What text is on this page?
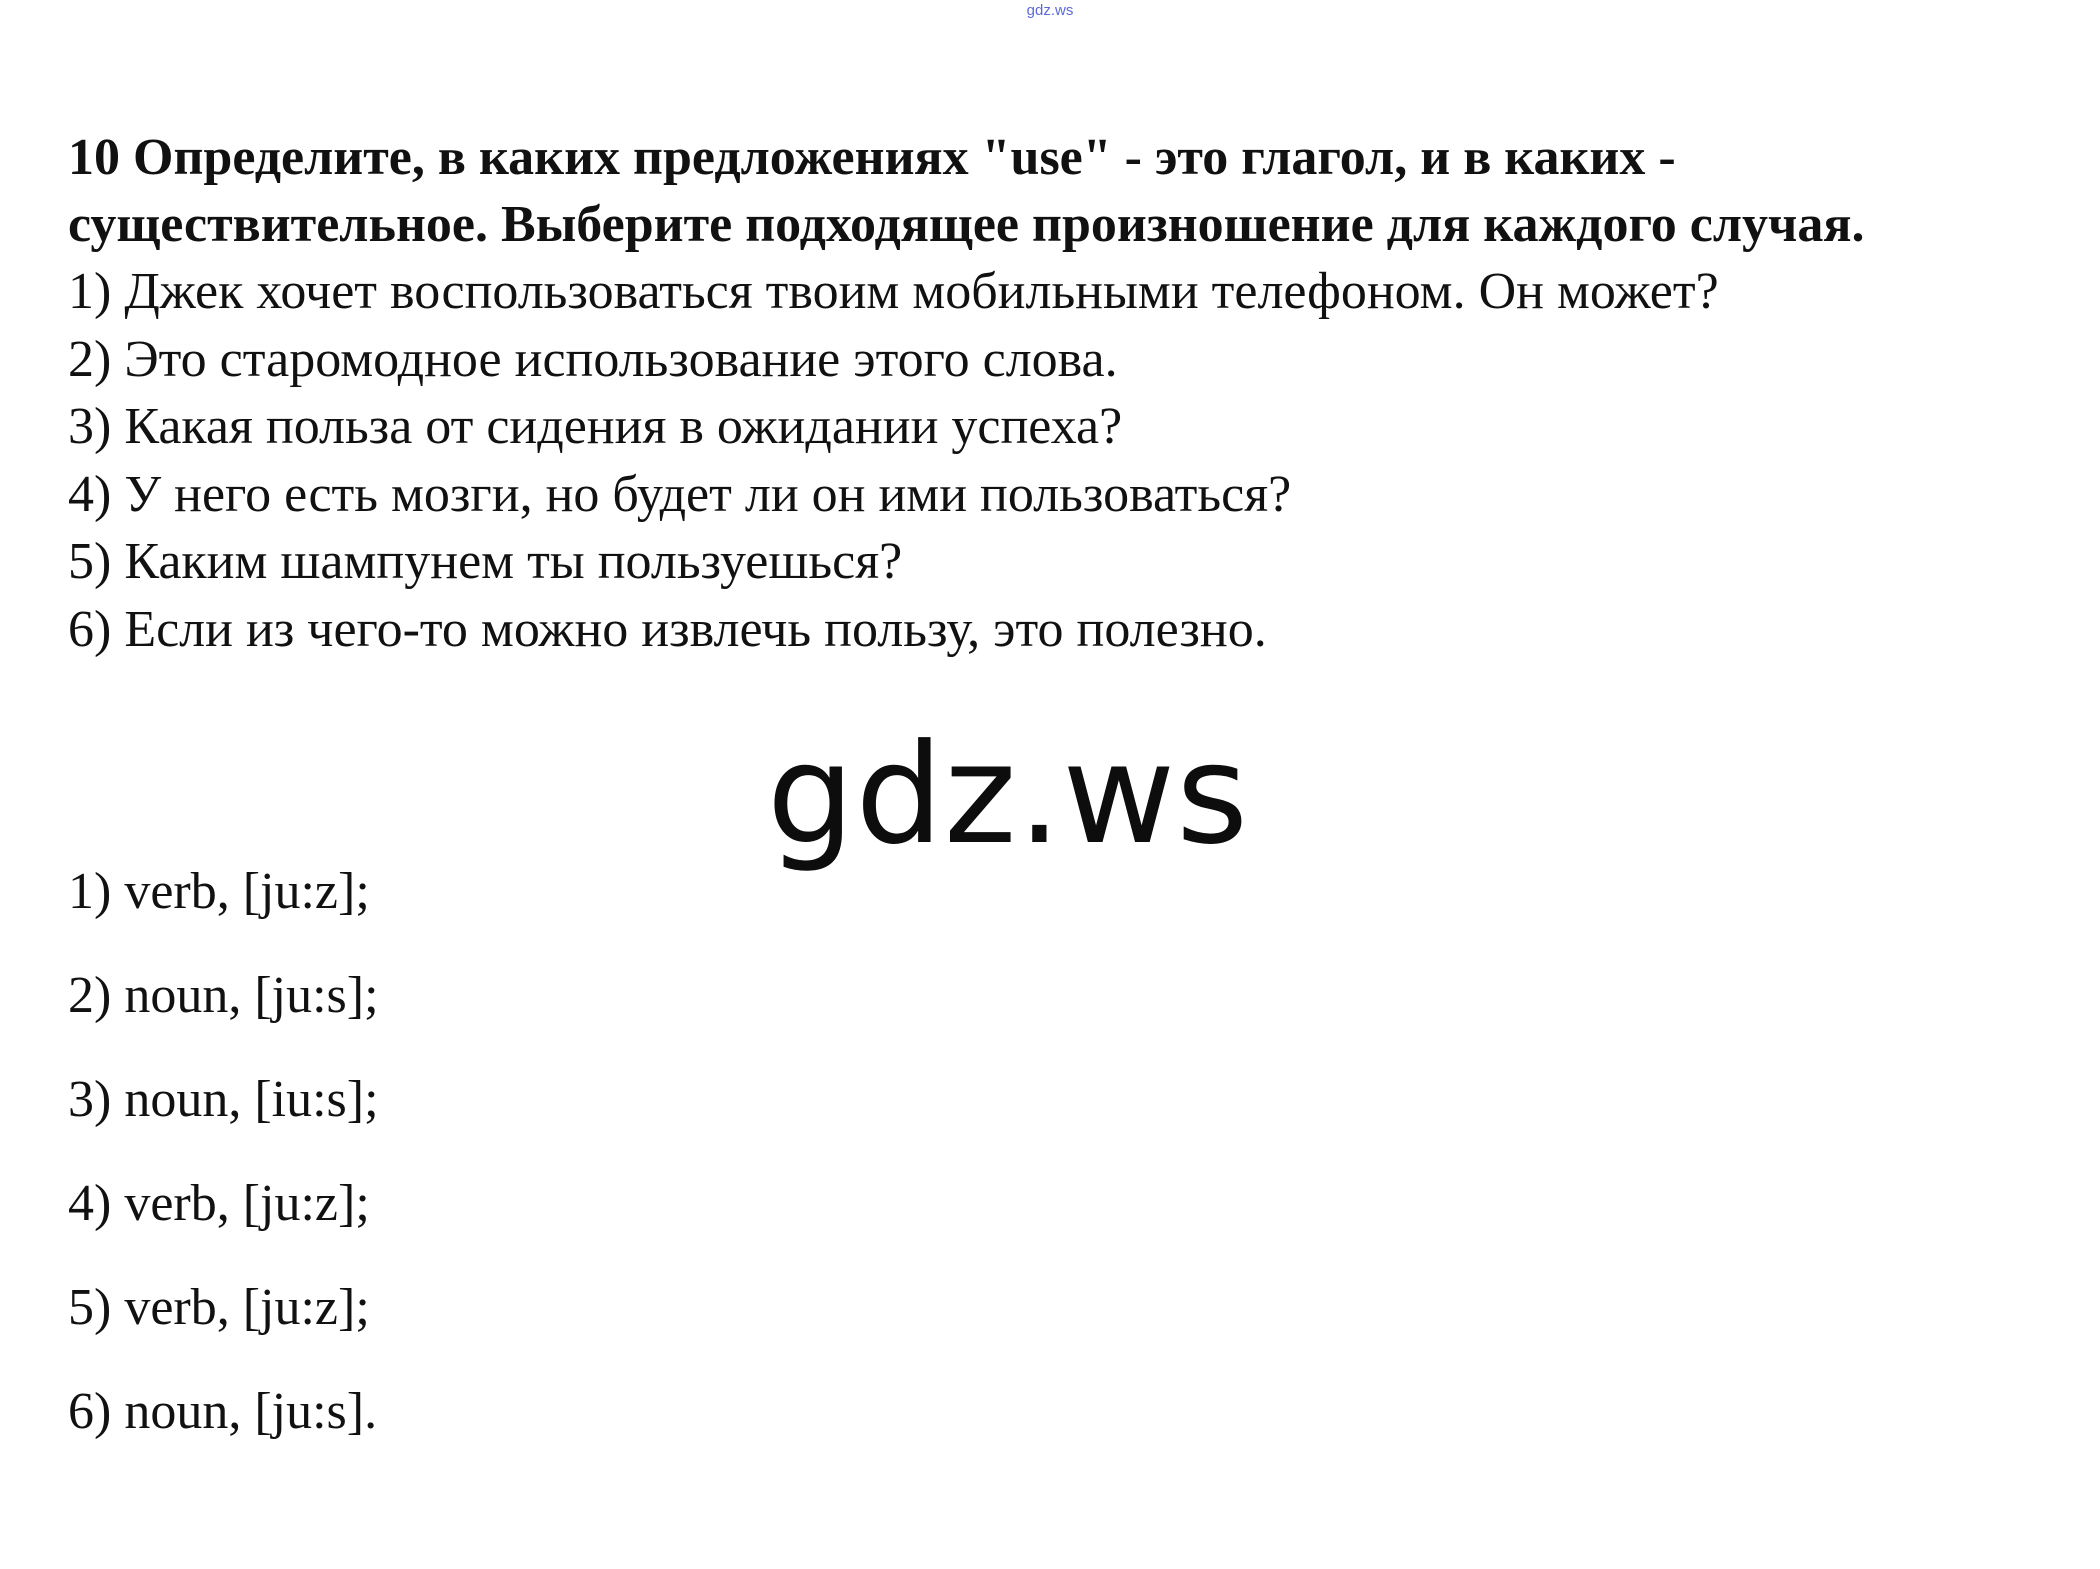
gdz.ws

10 Определите, в каких предложениях "use" - это глагол, и в каких - существительное. Выберите подходящее произношение для каждого случая.

1) Джек хочет воспользоваться твоим мобильными телефоном. Он может?
2) Это старомодное использование этого слова.
3) Какая польза от сидения в ожидании успеха?
4) У него есть мозги, но будет ли он ими пользоваться?
5) Каким шампунем ты пользуешься?
6) Если из чего-то можно извлечь пользу, это полезно.
gdz.ws
1) verb, [ju:z];
2) noun, [ju:s];
3) noun, [iu:s];
4) verb, [ju:z];
5) verb, [ju:z];
6) noun, [ju:s].
